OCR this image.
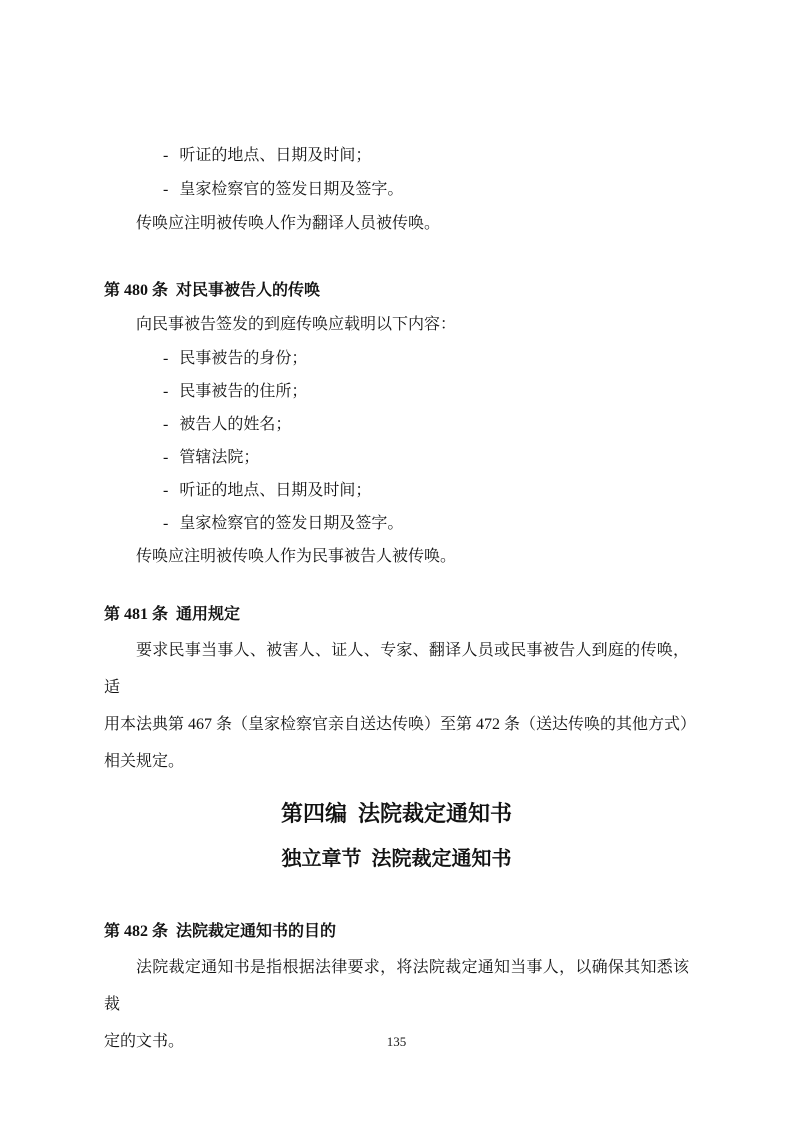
- 听证的地点、日期及时间；
- 皇家检察官的签发日期及签字。
传唤应注明被传唤人作为翻译人员被传唤。
第 480 条  对民事被告人的传唤
向民事被告签发的到庭传唤应载明以下内容：
- 民事被告的身份；
- 民事被告的住所；
- 被告人的姓名；
- 管辖法院；
- 听证的地点、日期及时间；
- 皇家检察官的签发日期及签字。
传唤应注明被传唤人作为民事被告人被传唤。
第 481 条  通用规定
要求民事当事人、被害人、证人、专家、翻译人员或民事被告人到庭的传唤，适
用本法典第 467 条（皇家检察官亲自送达传唤）至第 472 条（送达传唤的其他方式）
相关规定。
第四编  法院裁定通知书
独立章节  法院裁定通知书
第 482 条  法院裁定通知书的目的
法院裁定通知书是指根据法律要求，将法院裁定通知当事人，以确保其知悉该裁
定的文书。	135
